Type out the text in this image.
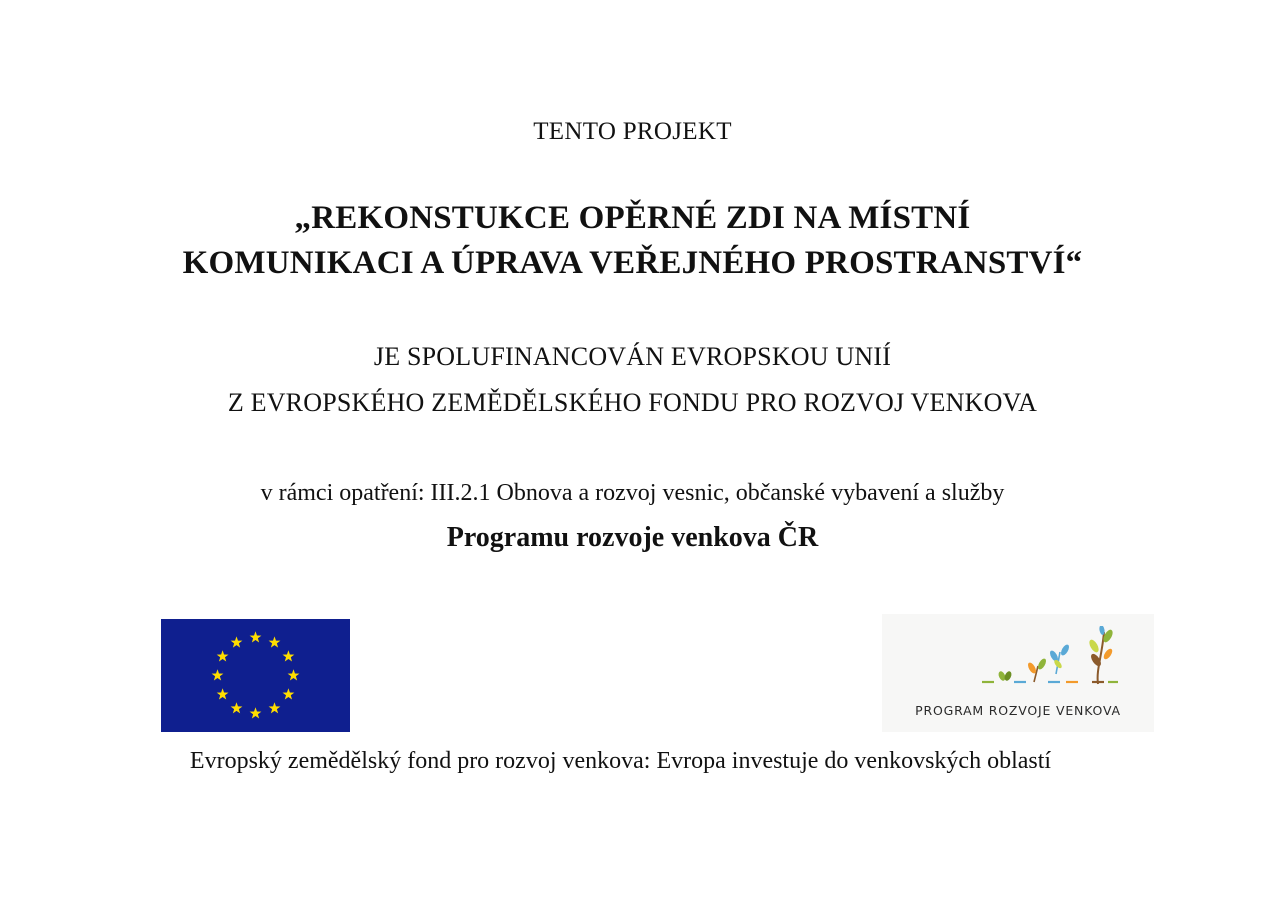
TENTO PROJEKT

„REKONSTUKCE OPĚRNÉ ZDI NA MÍSTNÍ

KOMUNIKACI A ÚPRAVA VEŘEJNÉHO PROSTRANSTVÍ“

JE SPOLUFINANCOVÁN EVROPSKOU UNIÍ

Z EVROPSKÉHO ZEMĚDĚLSKÉHO FONDU PRO ROZVOJ VENKOVA

v rámci opatření: III.2.1 Obnova a rozvoj vesnic, občanské vybavení a služby

Programu rozvoje venkova ČR

PROGRAM ROZVOJE VENKOVA

Evropský zemědělský fond pro rozvoj venkova: Evropa investuje do venkovských oblastí
